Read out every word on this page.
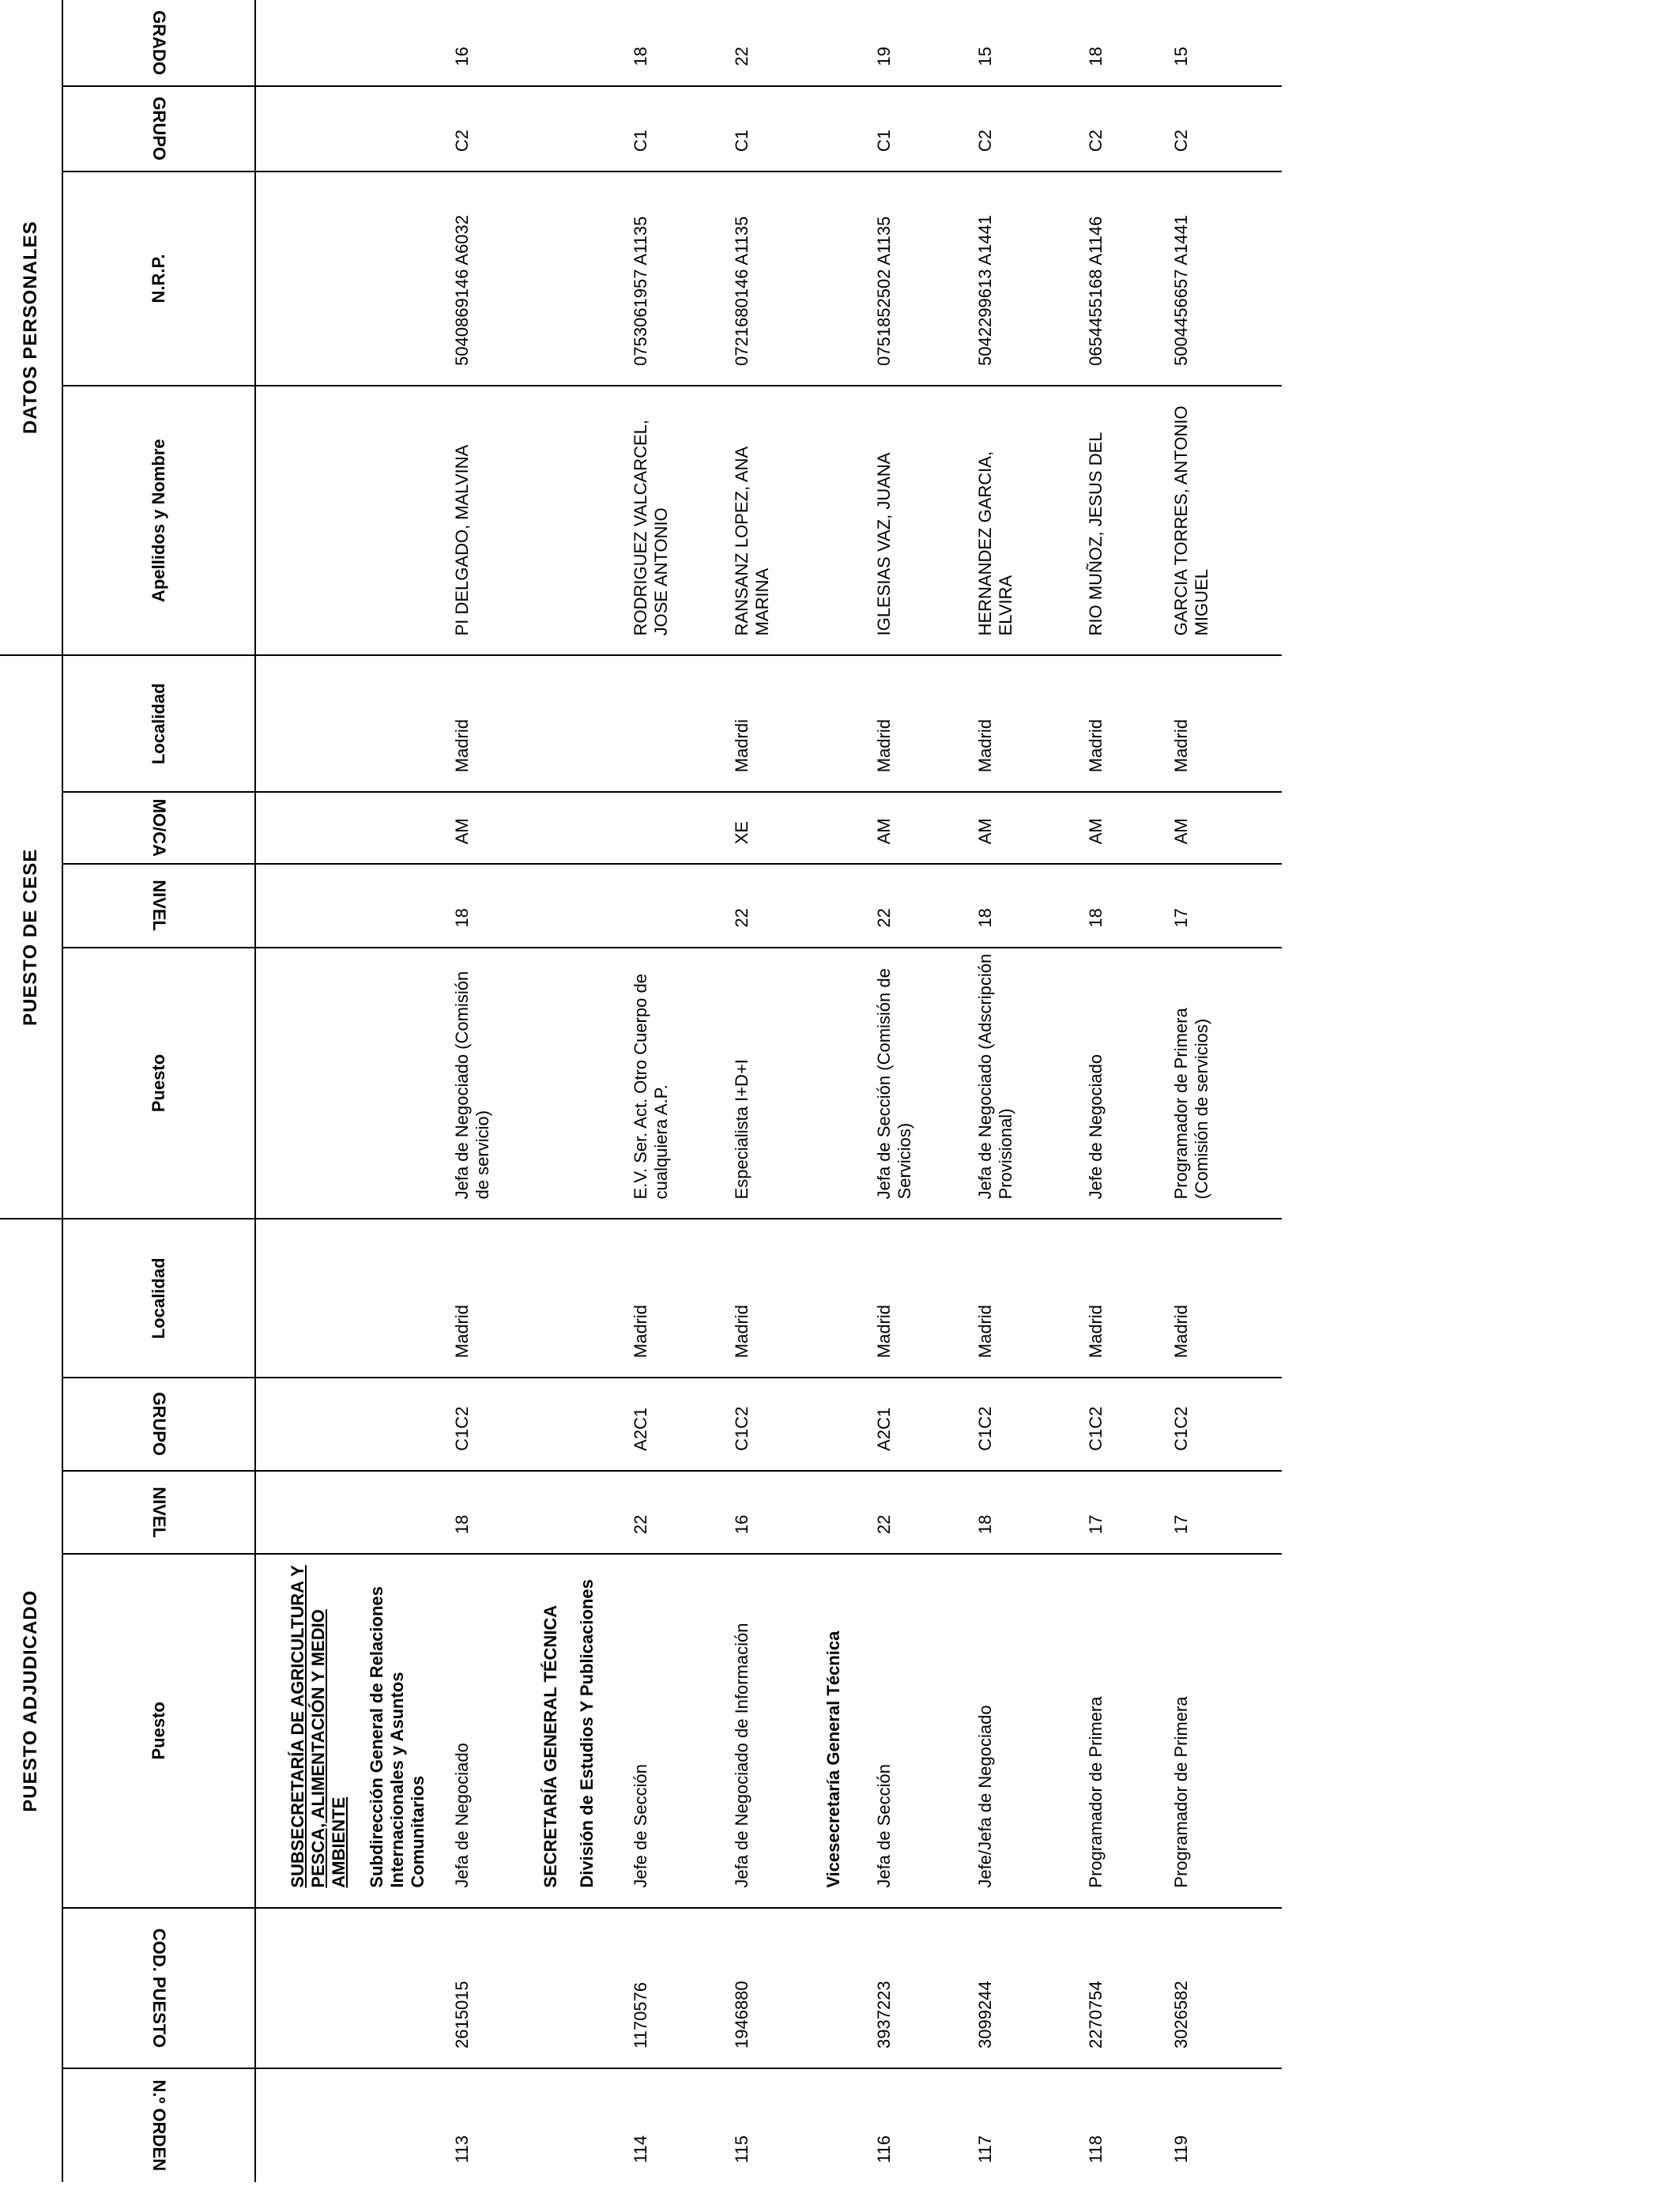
PUESTO ADJUDICADO						PUESTO DE CESE				DATOS PERSONALES			
N.º ORDEN	COD. PUESTO	Puesto	NIVEL	GRUPO	Localidad	Puesto	NIVEL	MO/CA	Localidad	Apellidos y Nombre	N.R.P.	GRUPO	GRADO
		SUBSECRETARÍA DE AGRICULTURA Y PESCA, ALIMENTACIÓN Y MEDIO AMBIENTE											
		Subdirección General de Relaciones Internacionales y Asuntos Comunitarios											
113	2615015	Jefa de Negociado	18	C1C2	Madrid	Jefa de Negociado (Comisión de servicio)	18	AM	Madrid	PI DELGADO, MALVINA	5040869146 A6032	C2	16
		SECRETARÍA GENERAL TÉCNICA											
		División de Estudios Y Publicaciones											
114	1170576	Jefe de Sección	22	A2C1	Madrid	E.V. Ser. Act. Otro Cuerpo de cualquiera A.P.				RODRIGUEZ VALCARCEL, JOSE ANTONIO	0753061957 A1135	C1	18
115	1946880	Jefa de Negociado de Información	16	C1C2	Madrid	Especialista I+D+I	22	XE	Madrdi	RANSANZ LOPEZ, ANA MARINA	0721680146 A1135	C1	22
		Vicesecretaría General Técnica											
116	3937223	Jefa de Sección	22	A2C1	Madrid	Jefa de Sección (Comisión de Servicios)	22	AM	Madrid	IGLESIAS VAZ, JUANA	0751852502 A1135	C1	19
117	3099244	Jefe/Jefa de Negociado	18	C1C2	Madrid	Jefa de Negociado (Adscripción Provisional)	18	AM	Madrid	HERNANDEZ GARCIA, ELVIRA	5042299613 A1441	C2	15
118	2270754	Programador de Primera	17	C1C2	Madrid	Jefe de Negociado	18	AM	Madrid	RIO MUÑOZ, JESUS DEL	0654455168 A1146	C2	18
119	3026582	Programador de Primera	17	C1C2	Madrid	Programador de Primera (Comisión de servicios)	17	AM	Madrid	GARCIA TORRES, ANTONIO MIGUEL	5004456657 A1441	C2	15
